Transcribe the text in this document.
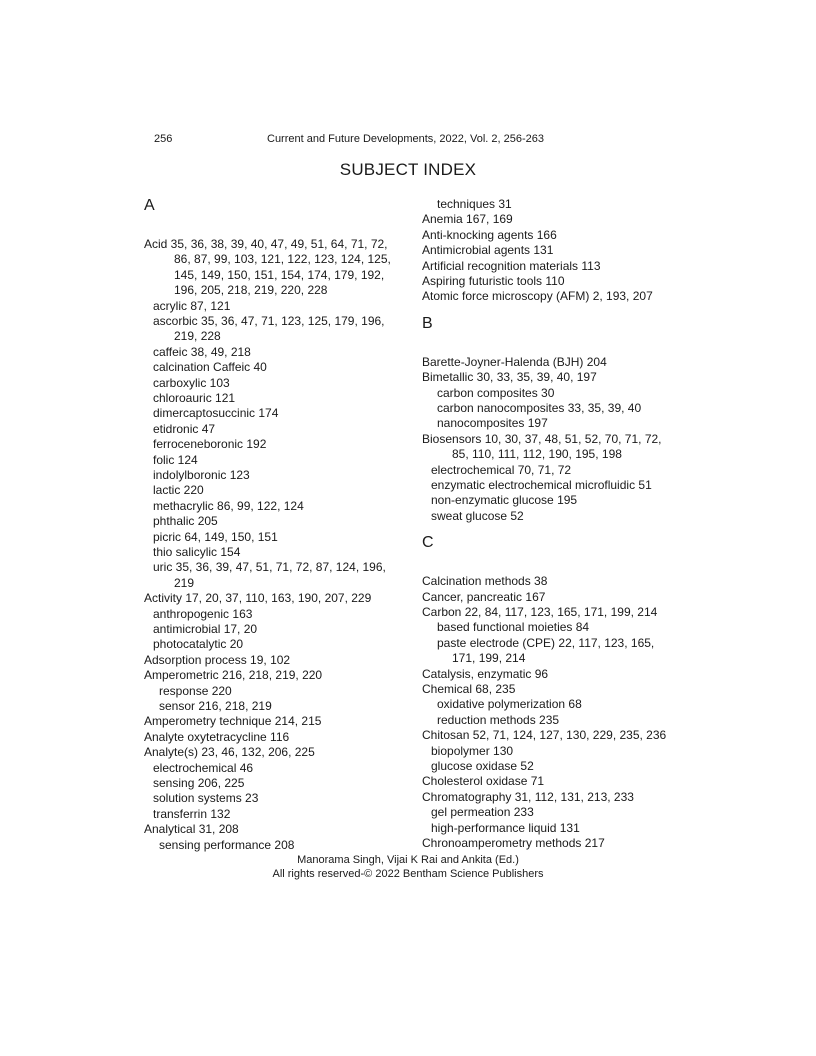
256	Current and Future Developments, 2022, Vol. 2, 256-263
SUBJECT INDEX
A
Acid 35, 36, 38, 39, 40, 47, 49, 51, 64, 71, 72,
86, 87, 99, 103, 121, 122, 123, 124, 125,
145, 149, 150, 151, 154, 174, 179, 192,
196, 205, 218, 219, 220, 228
acrylic 87, 121
ascorbic 35, 36, 47, 71, 123, 125, 179, 196,
219, 228
caffeic 38, 49, 218
calcination Caffeic 40
carboxylic 103
chloroauric 121
dimercaptosuccinic 174
etidronic 47
ferroceneboronic 192
folic 124
indolylboronic 123
lactic 220
methacrylic 86, 99, 122, 124
phthalic 205
picric 64, 149, 150, 151
thio salicylic 154
uric 35, 36, 39, 47, 51, 71, 72, 87, 124, 196,
219
Activity 17, 20, 37, 110, 163, 190, 207, 229
anthropogenic 163
antimicrobial 17, 20
photocatalytic 20
Adsorption process 19, 102
Amperometric 216, 218, 219, 220
response 220
sensor 216, 218, 219
Amperometry technique 214, 215
Analyte oxytetracycline 116
Analyte(s) 23, 46, 132, 206, 225
electrochemical 46
sensing 206, 225
solution systems 23
transferrin 132
Analytical 31, 208
sensing performance 208
techniques 31
Anemia 167, 169
Anti-knocking agents 166
Antimicrobial agents 131
Artificial recognition materials 113
Aspiring futuristic tools 110
Atomic force microscopy (AFM) 2, 193, 207
B
Barette-Joyner-Halenda (BJH) 204
Bimetallic 30, 33, 35, 39, 40, 197
carbon composites 30
carbon nanocomposites 33, 35, 39, 40
nanocomposites 197
Biosensors 10, 30, 37, 48, 51, 52, 70, 71, 72,
85, 110, 111, 112, 190, 195, 198
electrochemical 70, 71, 72
enzymatic electrochemical microfluidic 51
non-enzymatic glucose 195
sweat glucose 52
C
Calcination methods 38
Cancer, pancreatic 167
Carbon 22, 84, 117, 123, 165, 171, 199, 214
based functional moieties 84
paste electrode (CPE) 22, 117, 123, 165,
171, 199, 214
Catalysis, enzymatic 96
Chemical 68, 235
oxidative polymerization 68
reduction methods 235
Chitosan 52, 71, 124, 127, 130, 229, 235, 236
biopolymer 130
glucose oxidase 52
Cholesterol oxidase 71
Chromatography 31, 112, 131, 213, 233
gel permeation 233
high-performance liquid 131
Chronoamperometry methods 217
Manorama Singh, Vijai K Rai and Ankita (Ed.)
All rights reserved-© 2022 Bentham Science Publishers
